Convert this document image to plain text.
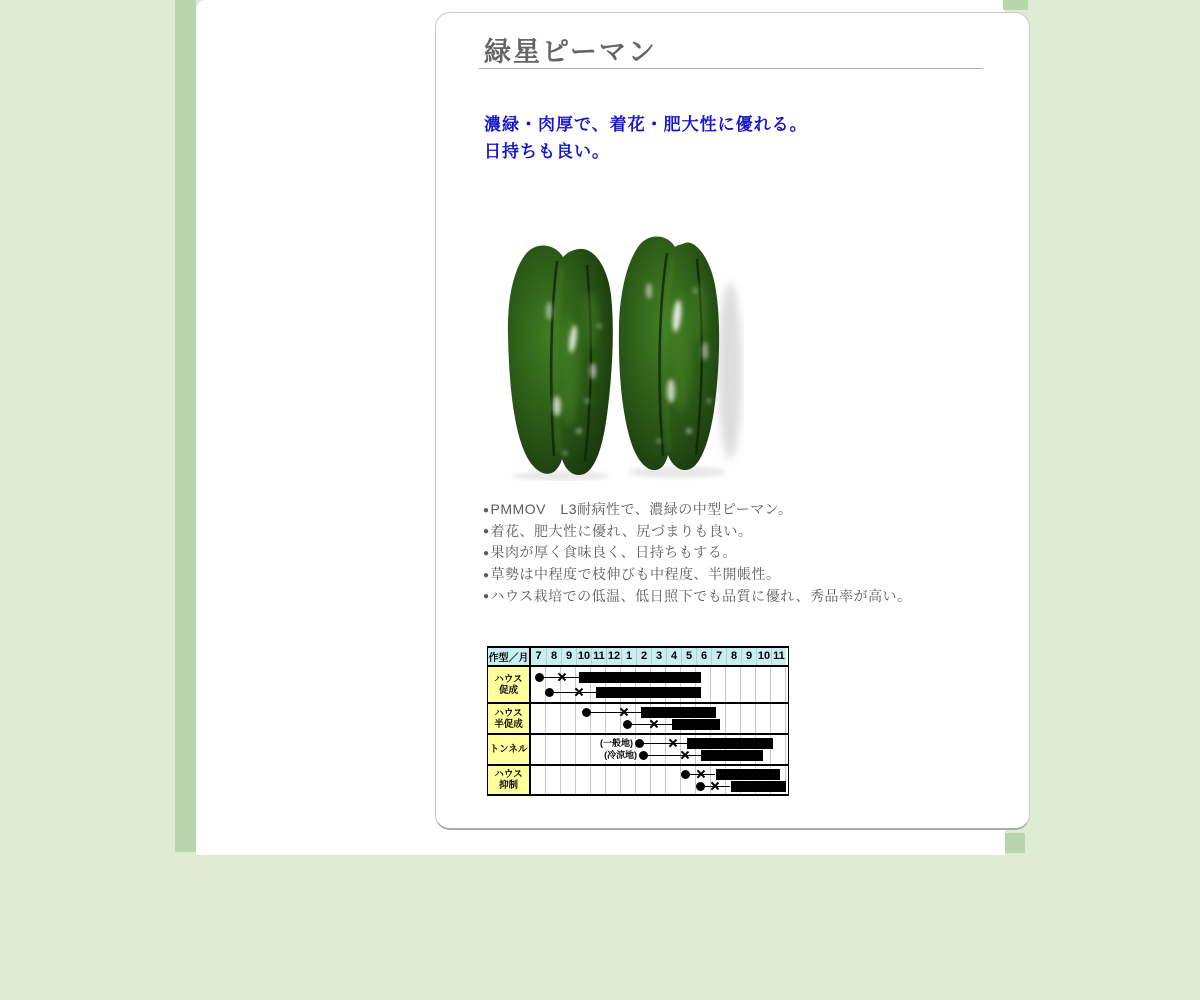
緑星ピーマン
濃緑・肉厚で、着花・肥大性に優れる。
日持ちも良い。
●PMMOV　L3耐病性で、濃緑の中型ピーマン。
●着花、肥大性に優れ、尻づまりも良い。
●果肉が厚く食味良く、日持ちもする。
●草勢は中程度で枝伸びも中程度、半開帳性。
●ハウス栽培での低温、低日照下でも品質に優れ、秀品率が高い。
作型／月 7 8 9 10 11 12 1 2 3 4 5 6 7 8 9 10 11
ハウス
促成
ハウス
半促成
トンネル
(一般地)
(冷涼地)
ハウス
抑制
